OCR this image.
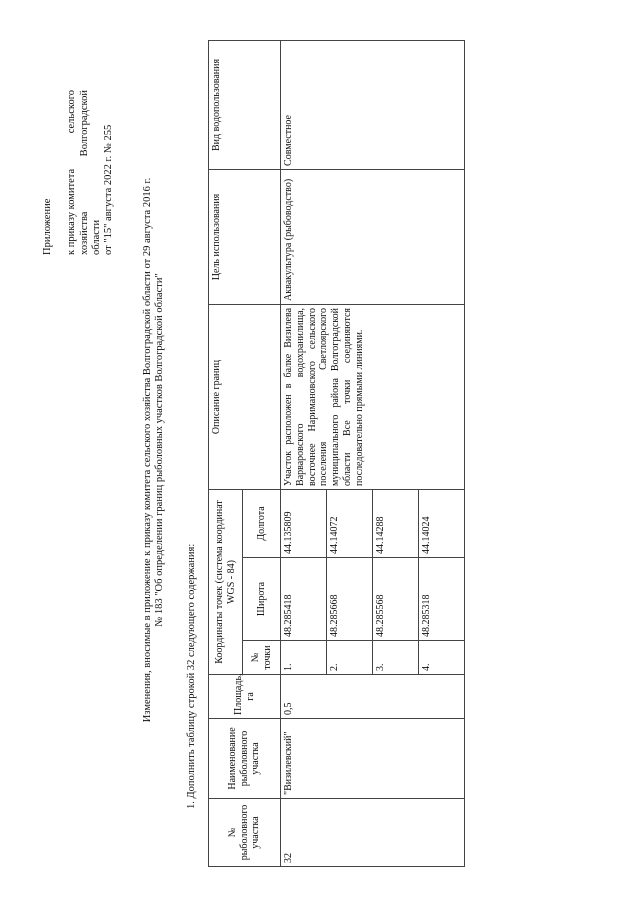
Приложение к приказу комитета
сельского
хозяйства
Волгоградской
области от "15" августа 2022 г. № 255	Изменения, вносимые в приложение к приказу комитета сельского хозяйства Волгоградской области от 29 августа 2016 г. № 183 "Об определении границ рыболовных участков Волгоградской области"
1. Дополнить таблицу строкой 32 следующего содержания:
№ рыболовного участка	Наименование рыболовного участка	Площадь, га	Координаты точек (система координат WGS - 84)			Описание границ	Цель использования	Вид водопользования
			№ точки	Широта	Долгота			
32	"Визилевский"	0,5	1.	48.285418	44.135809	Участок расположен в балке Визилева Варваровского водохранилища, восточнее Наримановского сельского поселения Светлоярского муниципального района Волгоградской области Все точки соединяются последовательно прямыми линиями.	Аквакультура (рыбоводство)	Совместное
			2.	48.285668	44.14072			
			3.	48.285568	44.14288			
			4.	48.285318	44.14024			
